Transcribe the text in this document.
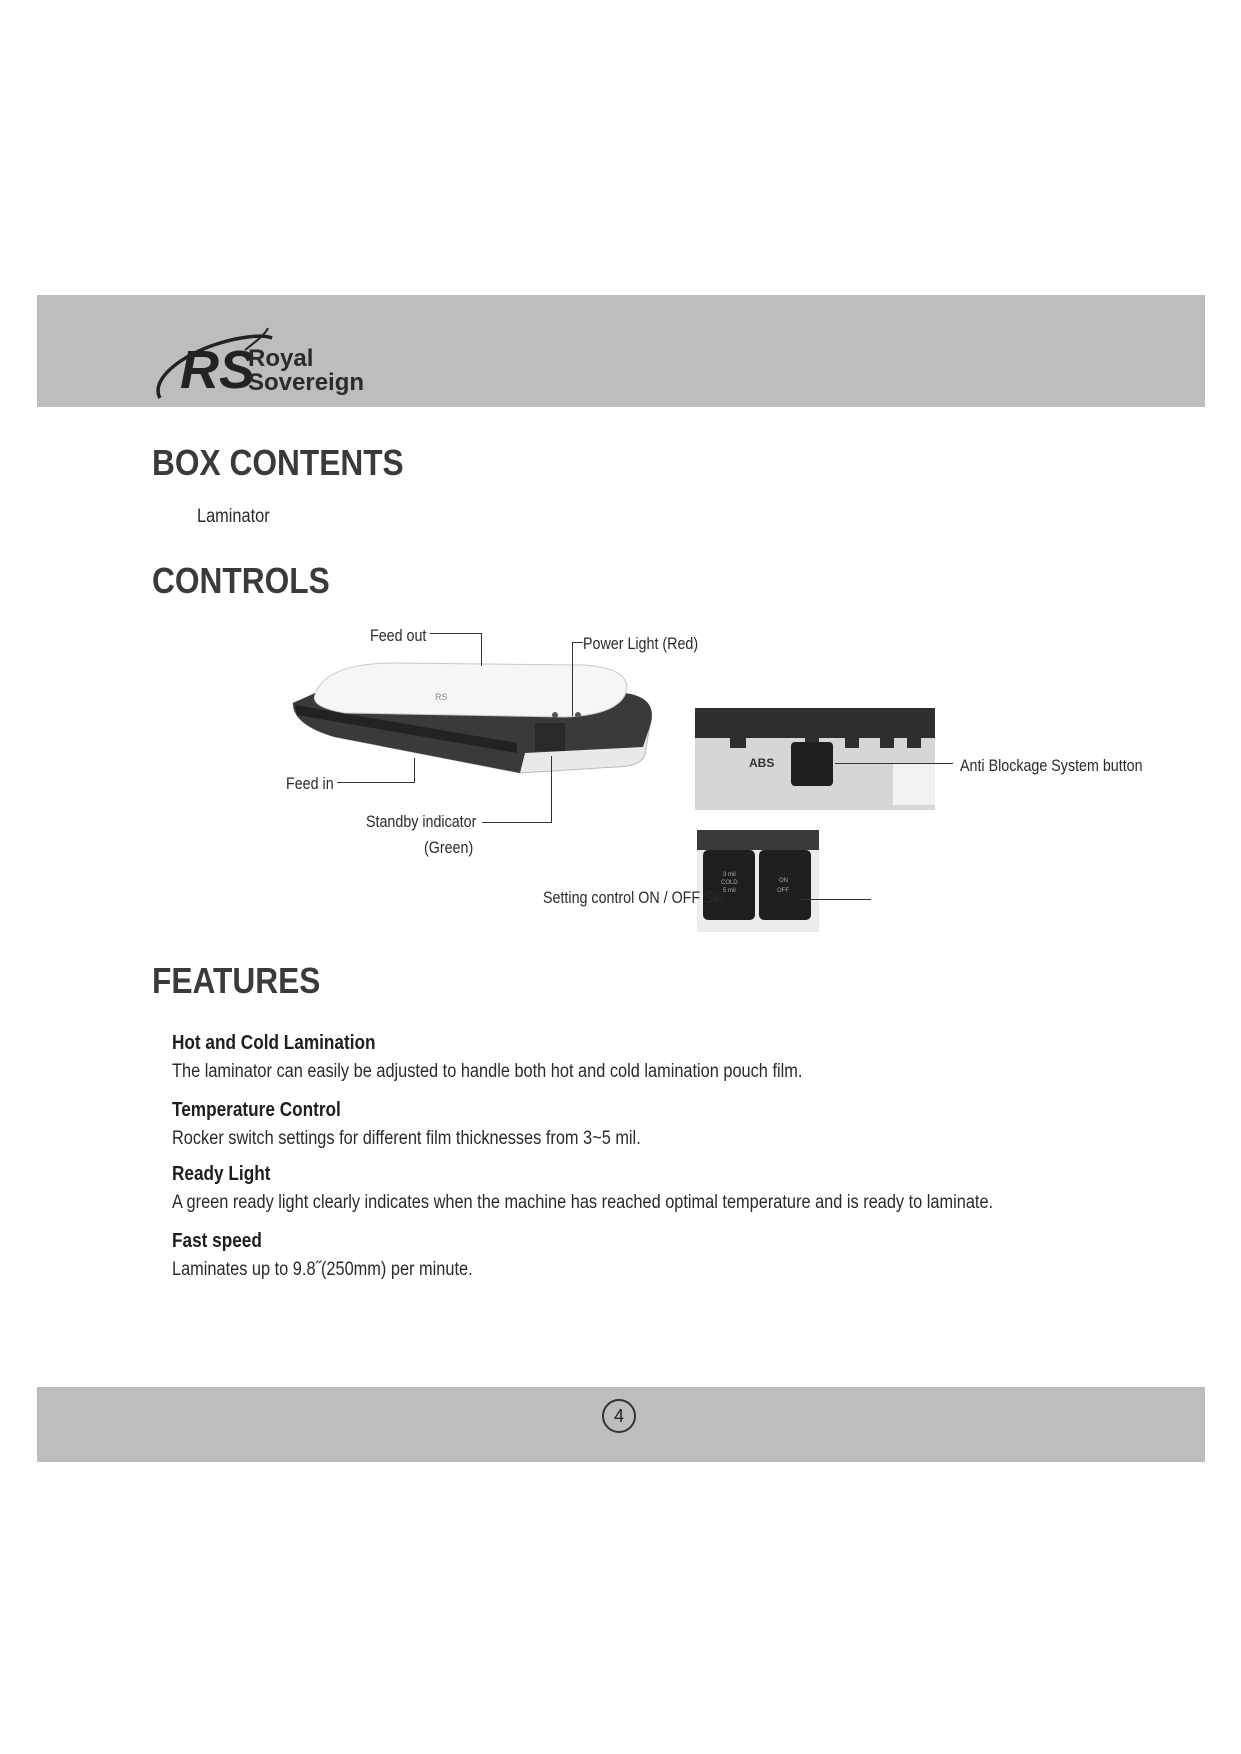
RS
Royal
Sovereign
BOX CONTENTS

Laminator

CONTROLS
RS
ABS
3 mil
COLD
5 mil
ON
OFF
Feed out	Power Light (Red)
Feed in
Standby indicator
(Green)
Anti Blockage System button
Setting control ON / OFF Sw
FEATURES

Hot and Cold Lamination

The laminator can easily be adjusted to handle both hot and cold lamination pouch film.

Temperature Control

Rocker switch settings for different film thicknesses from 3~5 mil.

Ready Light

A green ready light clearly indicates when the machine has reached optimal temperature and is ready to laminate.

Fast speed

Laminates up to 9.8˝(250mm) per minute.

4
